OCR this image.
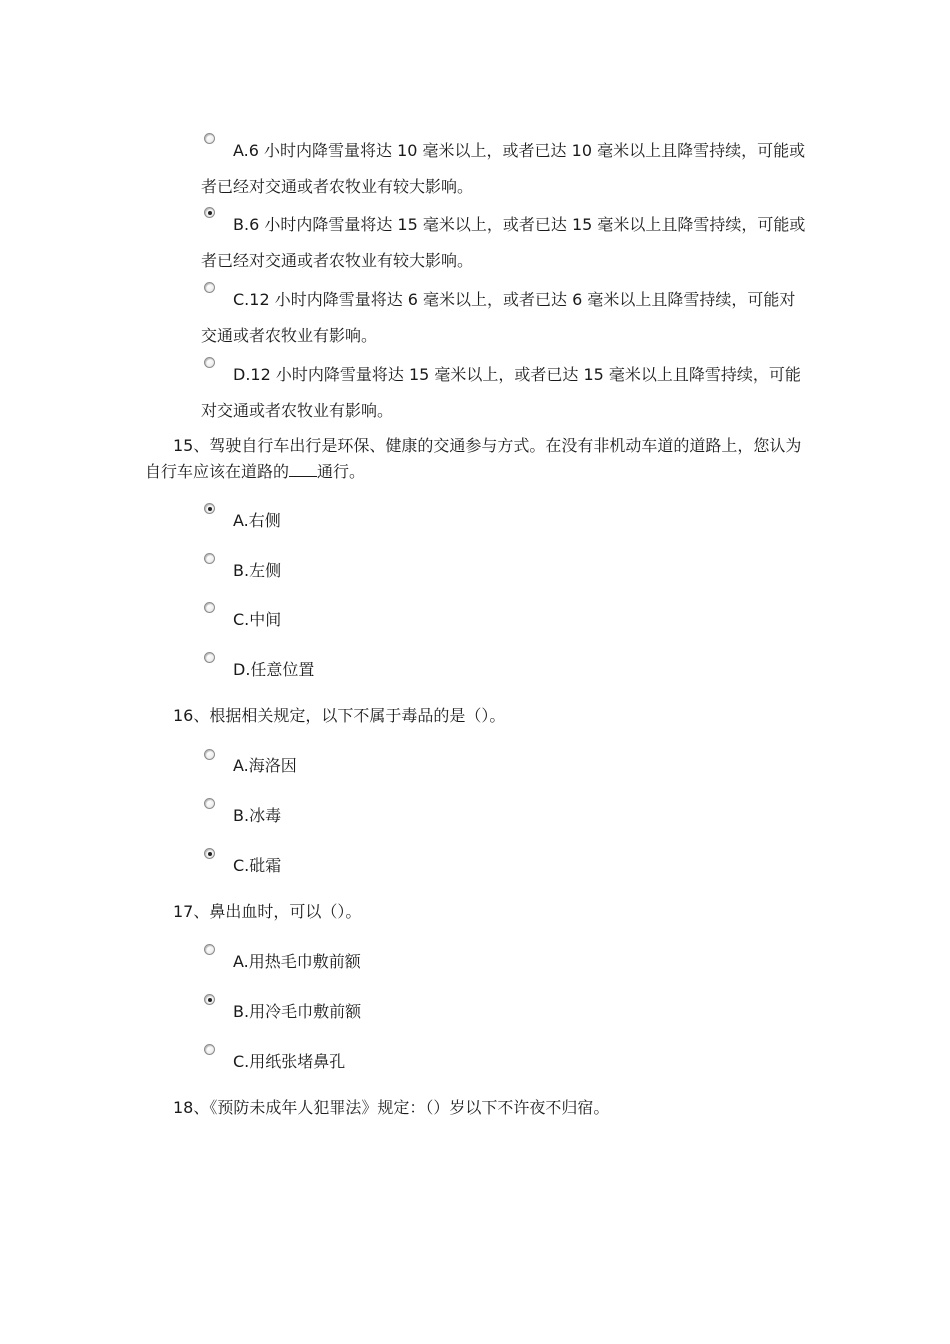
A.6 小时内降雪量将达 10 毫米以上，或者已达 10 毫米以上且降雪持续，可能或
者已经对交通或者农牧业有较大影响。
B.6 小时内降雪量将达 15 毫米以上，或者已达 15 毫米以上且降雪持续，可能或
者已经对交通或者农牧业有较大影响。
C.12 小时内降雪量将达 6 毫米以上，或者已达 6 毫米以上且降雪持续，可能对
交通或者农牧业有影响。
D.12 小时内降雪量将达 15 毫米以上，或者已达 15 毫米以上且降雪持续，可能
对交通或者农牧业有影响。
15、驾驶自行车出行是环保、健康的交通参与方式。在没有非机动车道的道路上，您认为
自行车应该在道路的 通行。
A.右侧
B.左侧
C.中间
D.任意位置
16、根据相关规定，以下不属于毒品的是（）。
A.海洛因
B.冰毒
C.砒霜
17、鼻出血时，可以（）。
A.用热毛巾敷前额
B.用冷毛巾敷前额
C.用纸张堵鼻孔
18、《预防未成年人犯罪法》规定：（）岁以下不许夜不归宿。
